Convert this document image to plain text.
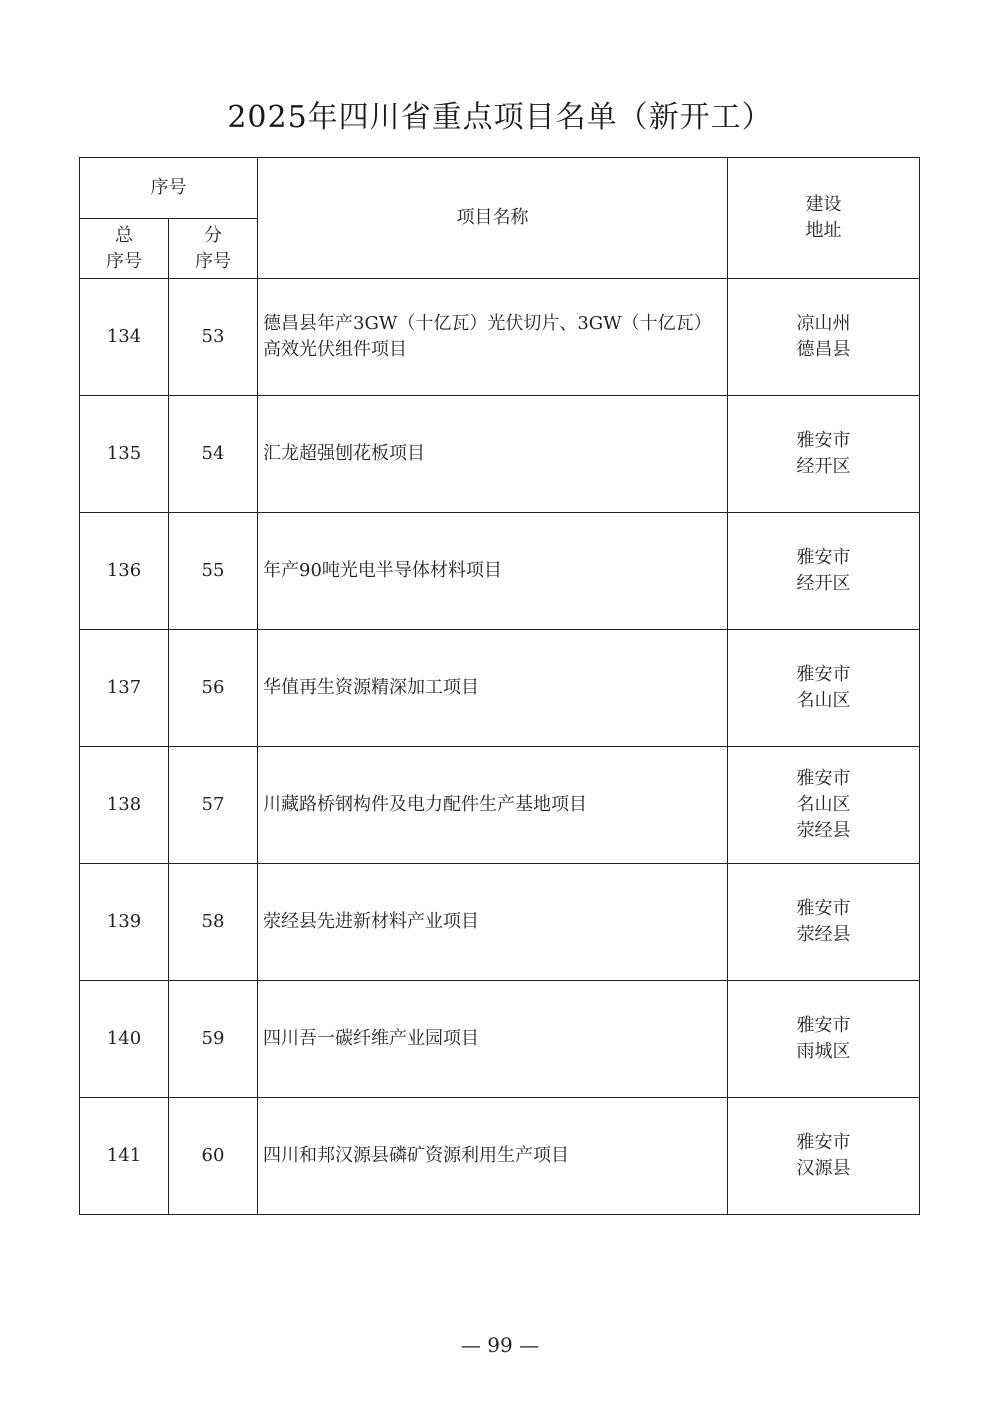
2025年四川省重点项目名单（新开工）
序号		项目名称	建设
地址

总
序号	分
序号		

134	53	德昌县年产3GW（十亿瓦）光伏切片、3GW（十亿瓦）高效光伏组件项目	凉山州
德昌县

135	54	汇龙超强刨花板项目	雅安市
经开区

136	55	年产90吨光电半导体材料项目	雅安市
经开区

137	56	华值再生资源精深加工项目	雅安市
名山区

138	57	川藏路桥钢构件及电力配件生产基地项目	雅安市
名山区
荥经县

139	58	荥经县先进新材料产业项目	雅安市
荥经县

140	59	四川吾一碳纤维产业园项目	雅安市
雨城区

141	60	四川和邦汉源县磷矿资源利用生产项目	雅安市
汉源县
— 99 —
